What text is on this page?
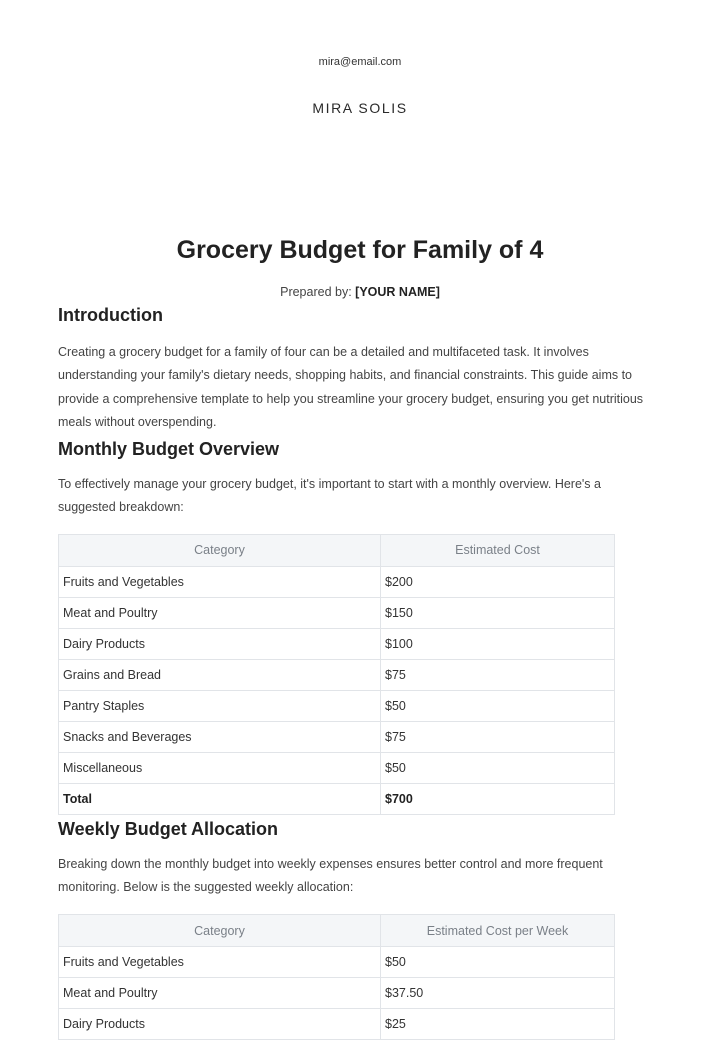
mira@email.com
MIRA SOLIS
Grocery Budget for Family of 4
Prepared by: [YOUR NAME]
Introduction

Creating a grocery budget for a family of four can be a detailed and multifaceted task. It involves understanding your family's dietary needs, shopping habits, and financial constraints. This guide aims to provide a comprehensive template to help you streamline your grocery budget, ensuring you get nutritious meals without overspending.

Monthly Budget Overview

To effectively manage your grocery budget, it's important to start with a monthly overview. Here's a suggested breakdown:

Category	Estimated Cost
Fruits and Vegetables	$200
Meat and Poultry	$150
Dairy Products	$100
Grains and Bread	$75
Pantry Staples	$50
Snacks and Beverages	$75
Miscellaneous	$50
Total	$700
Weekly Budget Allocation

Breaking down the monthly budget into weekly expenses ensures better control and more frequent monitoring. Below is the suggested weekly allocation:

Category	Estimated Cost per Week
Fruits and Vegetables	$50
Meat and Poultry	$37.50
Dairy Products	$25
